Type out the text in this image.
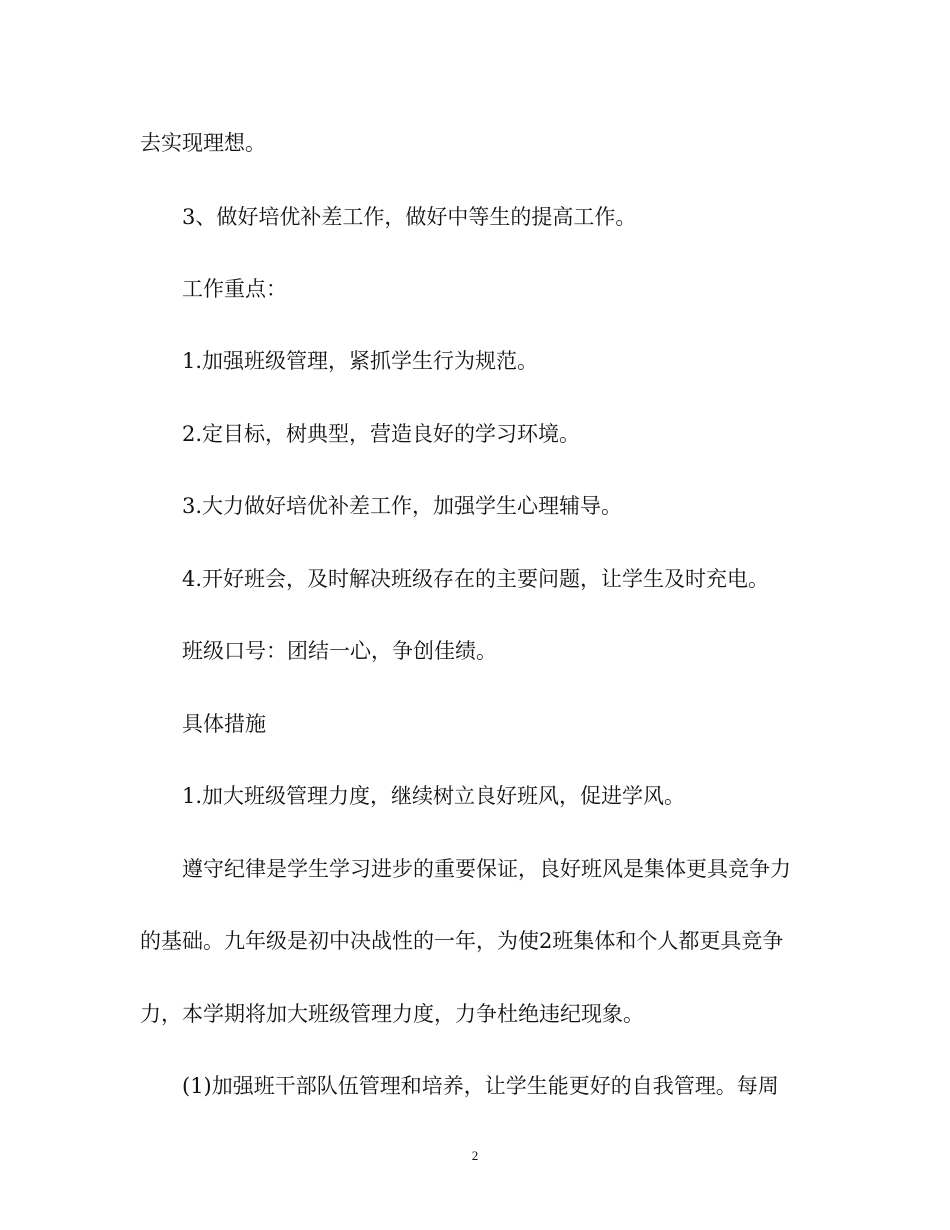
去实现理想。
3、做好培优补差工作，做好中等生的提高工作。
工作重点：
1.加强班级管理，紧抓学生行为规范。
2.定目标，树典型，营造良好的学习环境。
3.大力做好培优补差工作，加强学生心理辅导。
4.开好班会，及时解决班级存在的主要问题，让学生及时充电。
班级口号：团结一心，争创佳绩。
具体措施
1.加大班级管理力度，继续树立良好班风，促进学风。
遵守纪律是学生学习进步的重要保证，良好班风是集体更具竞争力
的基础。九年级是初中决战性的一年，为使2班集体和个人都更具竞争
力，本学期将加大班级管理力度，力争杜绝违纪现象。
(1)加强班干部队伍管理和培养，让学生能更好的自我管理。每周
2
